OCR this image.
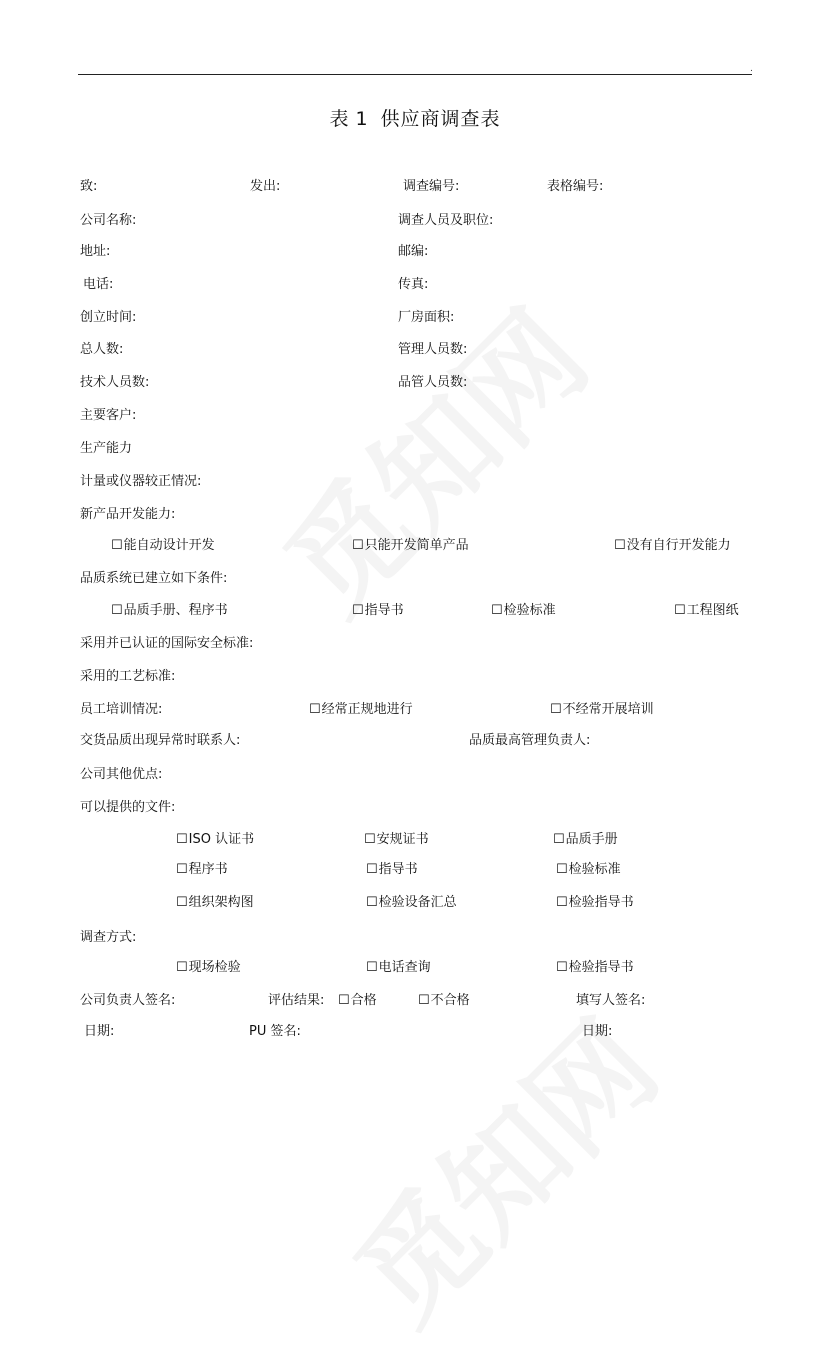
.
表 1 供应商调查表
致:	发出:	调查编号:	表格编号:
公司名称:	调查人员及职位:
地址:	邮编:
电话:	传真:
创立时间:	厂房面积:
总人数:	管理人员数:
技术人员数:	品管人员数:
主要客户:
生产能力
计量或仪器较正情况:
新产品开发能力:
☐ 能自动设计开发	☐ 只能开发简单产品	☐ 没有自行开发能力
品质系统已建立如下条件:
☐ 品质手册、程序书	☐ 指导书	☐ 检验标准	☐ 工程图纸
采用并已认证的国际安全标准:
采用的工艺标准:
员工培训情况:	☐ 经常正规地进行	☐ 不经常开展培训
交货品质出现异常时联系人:	品质最高管理负责人:
公司其他优点:
可以提供的文件:
☐ ISO 认证书	☐ 安规证书	☐ 品质手册
☐ 程序书	☐ 指导书	☐ 检验标准
☐ 组织架构图	☐ 检验设备汇总	☐ 检验指导书
调查方式:
☐ 现场检验	☐ 电话查询	☐ 检验指导书
公司负责人签名:	评估结果:	☐ 合格	☐ 不合格	填写人签名:
日期:	PU 签名:	日期:
